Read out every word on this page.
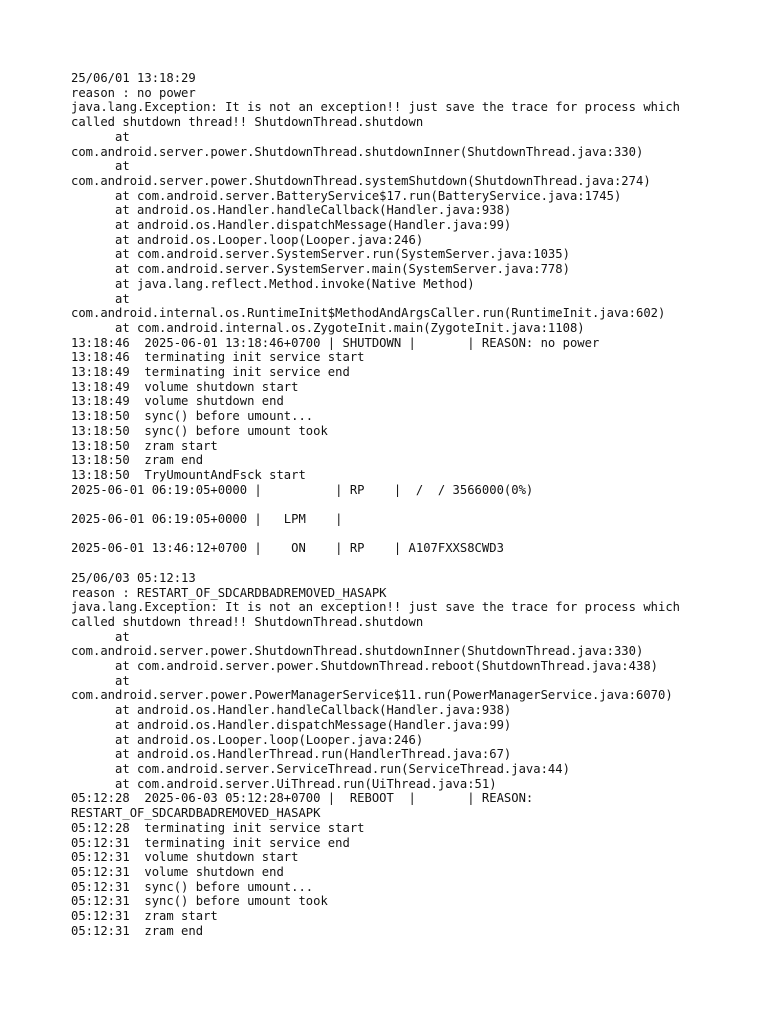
25/06/01 13:18:29
reason : no power
java.lang.Exception: It is not an exception!! just save the trace for process which
called shutdown thread!! ShutdownThread.shutdown
at
com.android.server.power.ShutdownThread.shutdownInner(ShutdownThread.java:330)
at
com.android.server.power.ShutdownThread.systemShutdown(ShutdownThread.java:274)
at com.android.server.BatteryService$17.run(BatteryService.java:1745)
at android.os.Handler.handleCallback(Handler.java:938)
at android.os.Handler.dispatchMessage(Handler.java:99)
at android.os.Looper.loop(Looper.java:246)
at com.android.server.SystemServer.run(SystemServer.java:1035)
at com.android.server.SystemServer.main(SystemServer.java:778)
at java.lang.reflect.Method.invoke(Native Method)
at
com.android.internal.os.RuntimeInit$MethodAndArgsCaller.run(RuntimeInit.java:602)
at com.android.internal.os.ZygoteInit.main(ZygoteInit.java:1108)
13:18:46  2025-06-01 13:18:46+0700 | SHUTDOWN |       | REASON: no power
13:18:46  terminating init service start
13:18:49  terminating init service end
13:18:49  volume shutdown start
13:18:49  volume shutdown end
13:18:50  sync() before umount...
13:18:50  sync() before umount took
13:18:50  zram start
13:18:50  zram end
13:18:50  TryUmountAndFsck start
2025-06-01 06:19:05+0000 |          | RP    |  /  / 3566000(0%)
2025-06-01 06:19:05+0000 |   LPM    |
2025-06-01 13:46:12+0700 |    ON    | RP    | A107FXXS8CWD3
25/06/03 05:12:13
reason : RESTART_OF_SDCARDBADREMOVED_HASAPK
java.lang.Exception: It is not an exception!! just save the trace for process which
called shutdown thread!! ShutdownThread.shutdown
at
com.android.server.power.ShutdownThread.shutdownInner(ShutdownThread.java:330)
at com.android.server.power.ShutdownThread.reboot(ShutdownThread.java:438)
at
com.android.server.power.PowerManagerService$11.run(PowerManagerService.java:6070)
at android.os.Handler.handleCallback(Handler.java:938)
at android.os.Handler.dispatchMessage(Handler.java:99)
at android.os.Looper.loop(Looper.java:246)
at android.os.HandlerThread.run(HandlerThread.java:67)
at com.android.server.ServiceThread.run(ServiceThread.java:44)
at com.android.server.UiThread.run(UiThread.java:51)
05:12:28  2025-06-03 05:12:28+0700 |  REBOOT  |       | REASON:
RESTART_OF_SDCARDBADREMOVED_HASAPK
05:12:28  terminating init service start
05:12:31  terminating init service end
05:12:31  volume shutdown start
05:12:31  volume shutdown end
05:12:31  sync() before umount...
05:12:31  sync() before umount took
05:12:31  zram start
05:12:31  zram end
